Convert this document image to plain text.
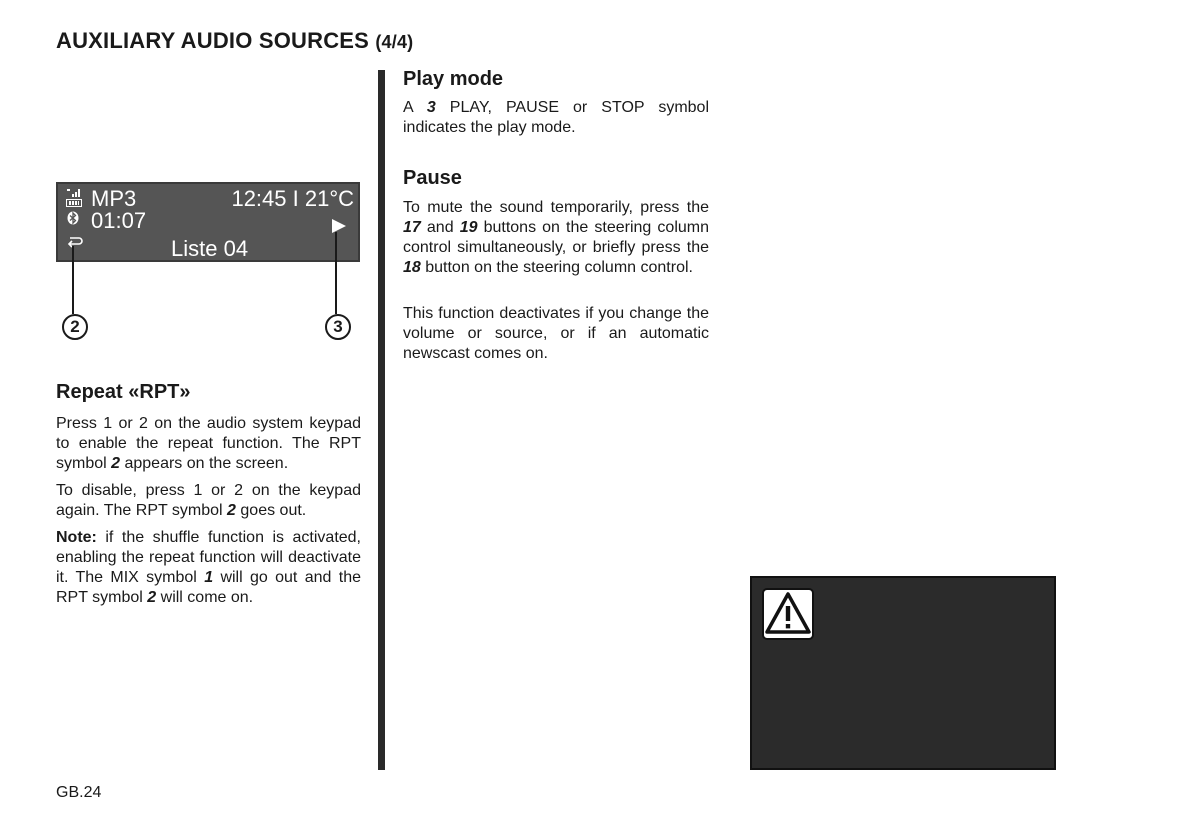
AUXILIARY AUDIO SOURCES (4/4)
MP3
01:07
12:45 I 21°C
Liste 04
2	3
Repeat «RPT»

Press 1 or 2 on the audio system keypad to enable the repeat function. The RPT symbol 2 appears on the screen.

To disable, press 1 or 2 on the keypad again. The RPT symbol 2 goes out.

Note: if the shuffle function is activated, enabling the repeat function will deactivate it. The MIX symbol 1 will go out and the RPT symbol 2 will come on.

Play mode

A 3 PLAY, PAUSE or STOP symbol indicates the play mode.

Pause

To mute the sound temporarily, press the 17 and 19 buttons on the steering column control simultaneously, or briefly press the 18 button on the steering column control.

This function deactivates if you change the volume or source, or if an automatic newscast comes on.

GB.24
